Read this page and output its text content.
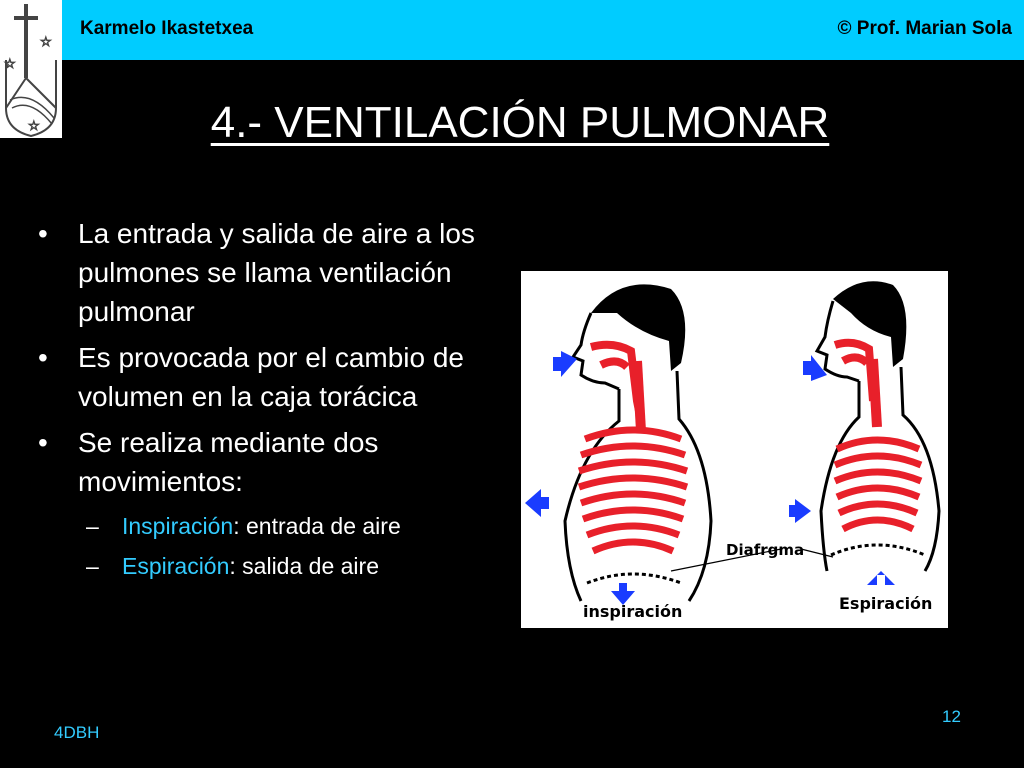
☆
☆
☆
Karmelo Ikastetxea	© Prof. Marian Sola
4.- VENTILACIÓN PULMONAR
•	La entrada y salida de aire a los pulmones se llama ventilación pulmonar
•	Es provocada por el cambio de volumen en la caja torácica
•	Se realiza mediante dos movimientos:
–	Inspiración: entrada de aire
–	Espiración: salida de aire
Diafrgma
inspiración	Espiración
4DBH
12
